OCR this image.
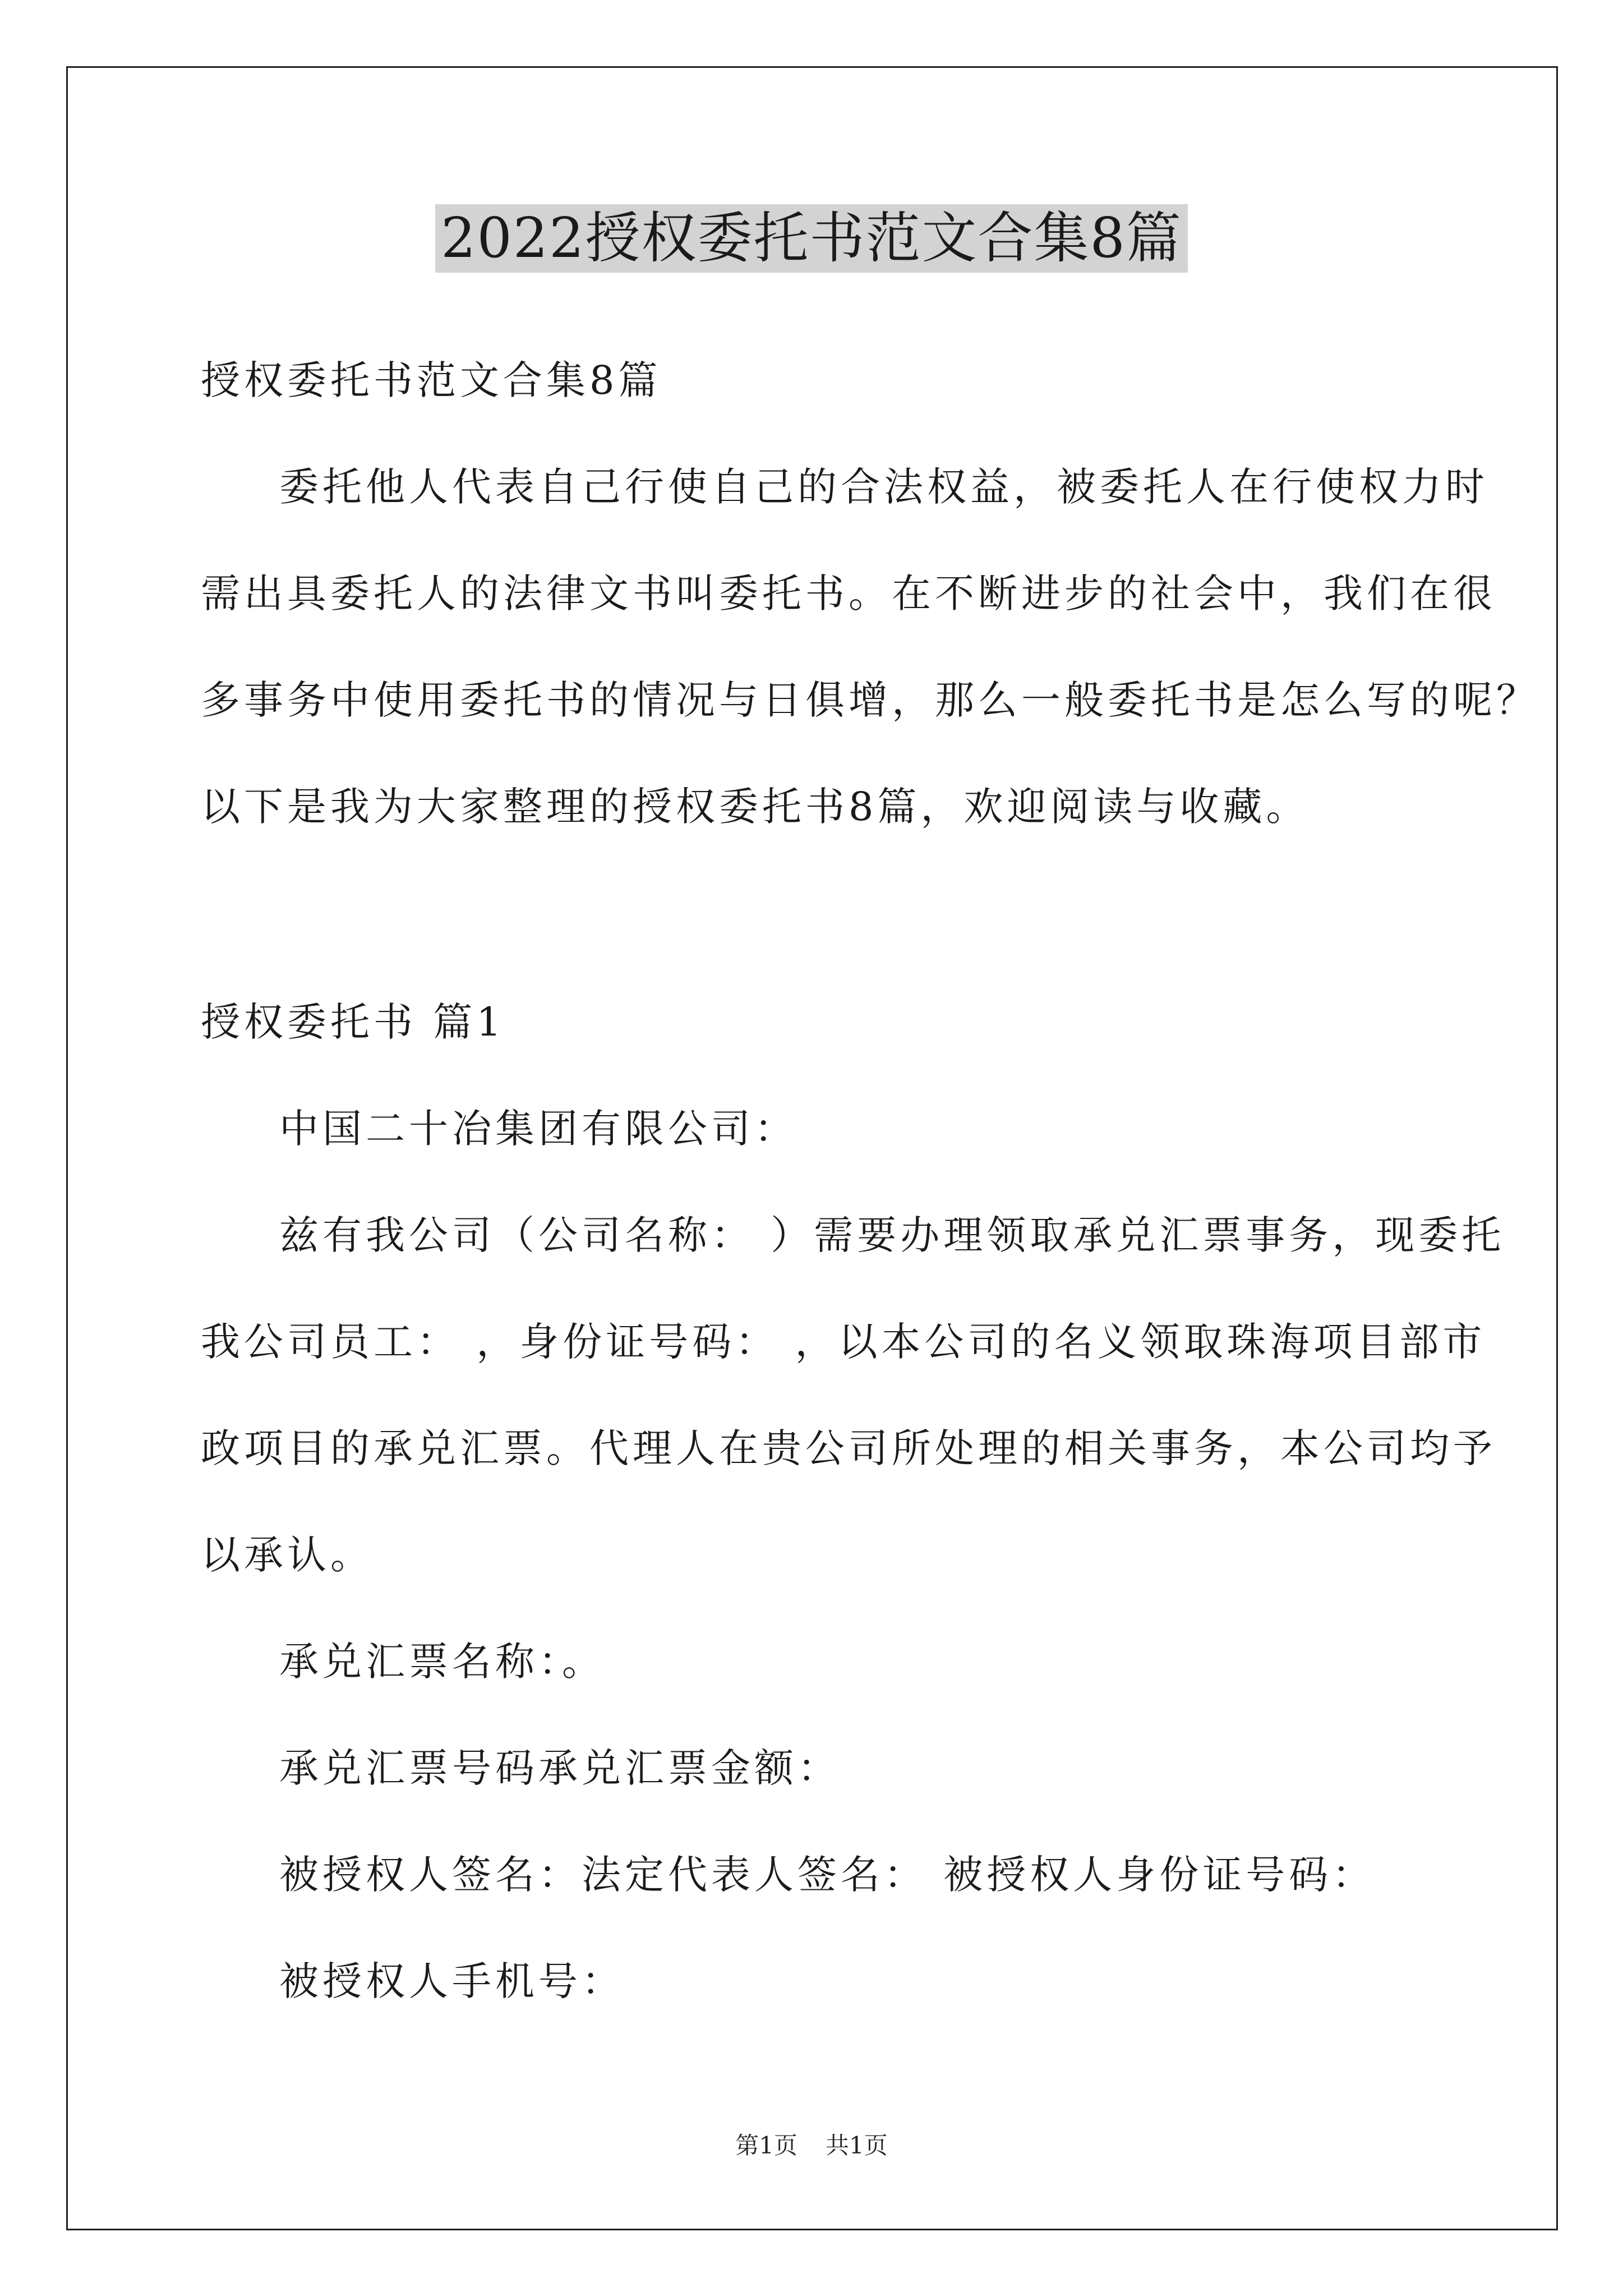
2022授权委托书范文合集8篇
授权委托书范文合集8篇
委托他人代表自己行使自己的合法权益，被委托人在行使权力时
需出具委托人的法律文书叫委托书。在不断进步的社会中，我们在很
多事务中使用委托书的情况与日俱增，那么一般委托书是怎么写的呢？
以下是我为大家整理的授权委托书8篇，欢迎阅读与收藏。
授权委托书 篇1
中国二十冶集团有限公司：
兹有我公司（公司名称： ）需要办理领取承兑汇票事务，现委托
我公司员工： ，身份证号码： ，以本公司的名义领取珠海项目部市
政项目的承兑汇票。代理人在贵公司所处理的相关事务，本公司均予
以承认。
承兑汇票名称：。
承兑汇票号码承兑汇票金额：
被授权人签名：法定代表人签名： 被授权人身份证号码：
被授权人手机号：
第1页 共1页
